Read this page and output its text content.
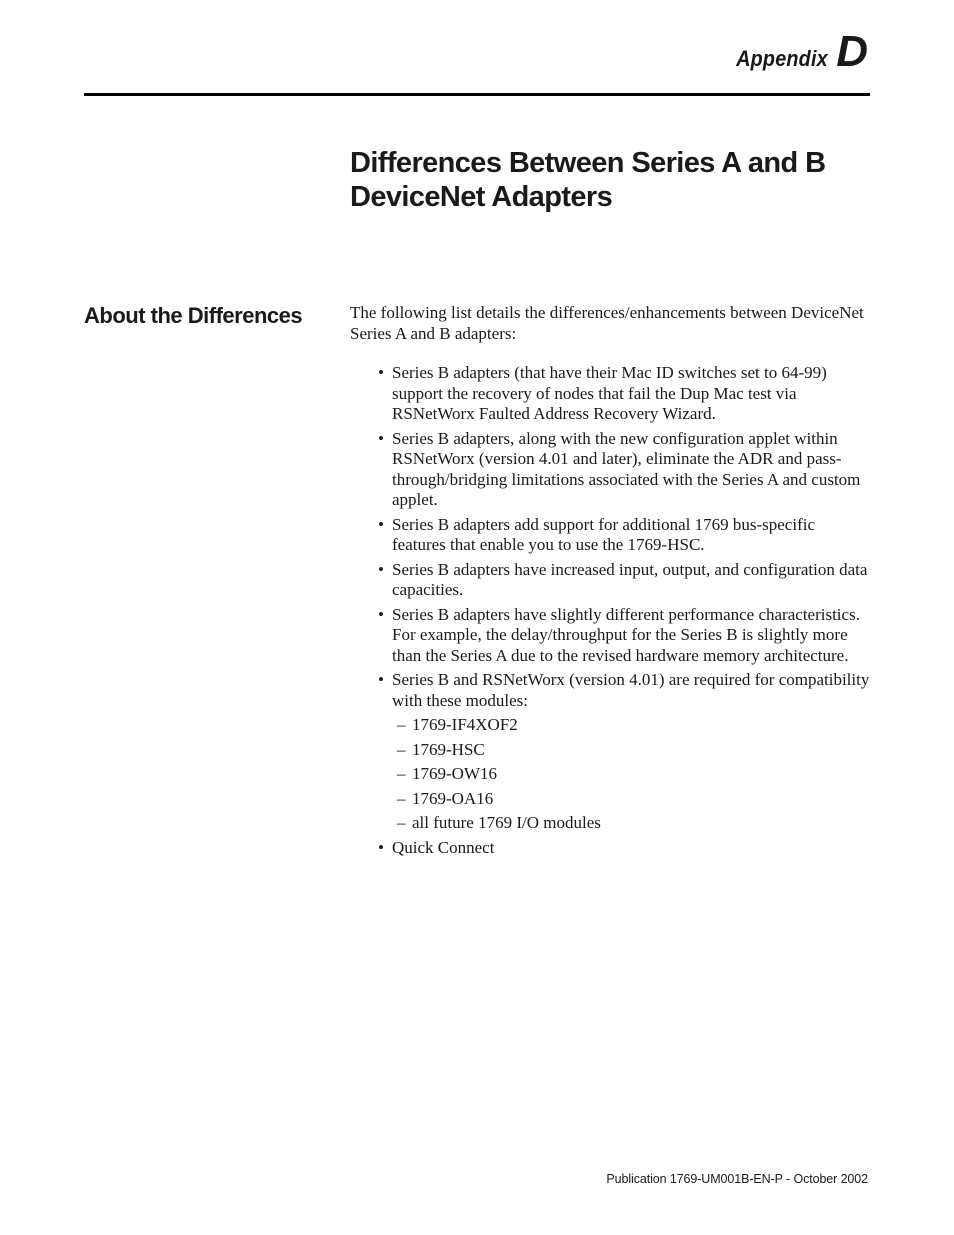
Appendix D
Differences Between Series A and B
DeviceNet Adapters
About the Differences	The following list details the differences/enhancements between DeviceNet Series A and B adapters:

• Series B adapters (that have their Mac ID switches set to 64-99) support the recovery of nodes that fail the Dup Mac test via RSNetWorx Faulted Address Recovery Wizard.
• Series B adapters, along with the new configuration applet within RSNetWorx (version 4.01 and later), eliminate the ADR and pass-through/bridging limitations associated with the Series A and custom applet.
• Series B adapters add support for additional 1769 bus-specific features that enable you to use the 1769-HSC.
• Series B adapters have increased input, output, and configuration data capacities.
• Series B adapters have slightly different performance characteristics. For example, the delay/throughput for the Series B is slightly more than the Series A due to the revised hardware memory architecture.
• Series B and RSNetWorx (version 4.01) are required for compatibility with these modules:
– 1769-IF4XOF2
– 1769-HSC
– 1769-OW16
– 1769-OA16
– all future 1769 I/O modules
• Quick Connect
Publication 1769-UM001B-EN-P - October 2002
